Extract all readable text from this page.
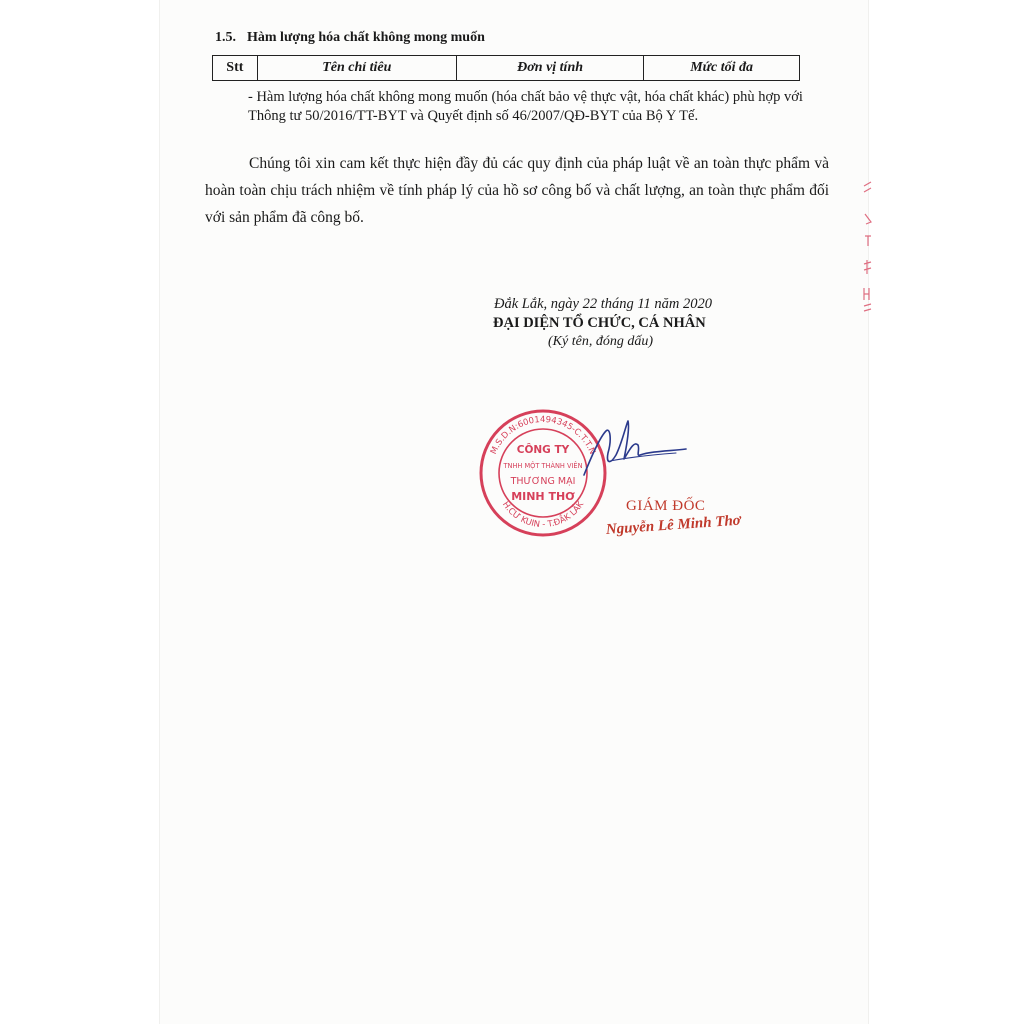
1.5. Hàm lượng hóa chất không mong muốn
Stt	Tên chỉ tiêu	Đơn vị tính	Mức tối đa
- Hàm lượng hóa chất không mong muốn (hóa chất bảo vệ thực vật, hóa chất khác) phù hợp với Thông tư 50/2016/TT-BYT và Quyết định số 46/2007/QĐ-BYT của Bộ Y Tế.
Chúng tôi xin cam kết thực hiện đầy đủ các quy định của pháp luật về an toàn thực phẩm và hoàn toàn chịu trách nhiệm về tính pháp lý của hồ sơ công bố và chất lượng, an toàn thực phẩm đối với sản phẩm đã công bố.
Đắk Lắk, ngày 22 tháng 11 năm 2020
ĐẠI DIỆN TỔ CHỨC, CÁ NHÂN
(Ký tên, đóng dấu)
M.S.D.N:6001494345-C.T.T.N
H.CƯ KUIN - T.ĐẮK LẮK
CÔNG TY
TNHH MỘT THÀNH VIÊN
THƯƠNG MẠI
MINH THƠ
GIÁM ĐỐC
Nguyễn Lê Minh Thơ
